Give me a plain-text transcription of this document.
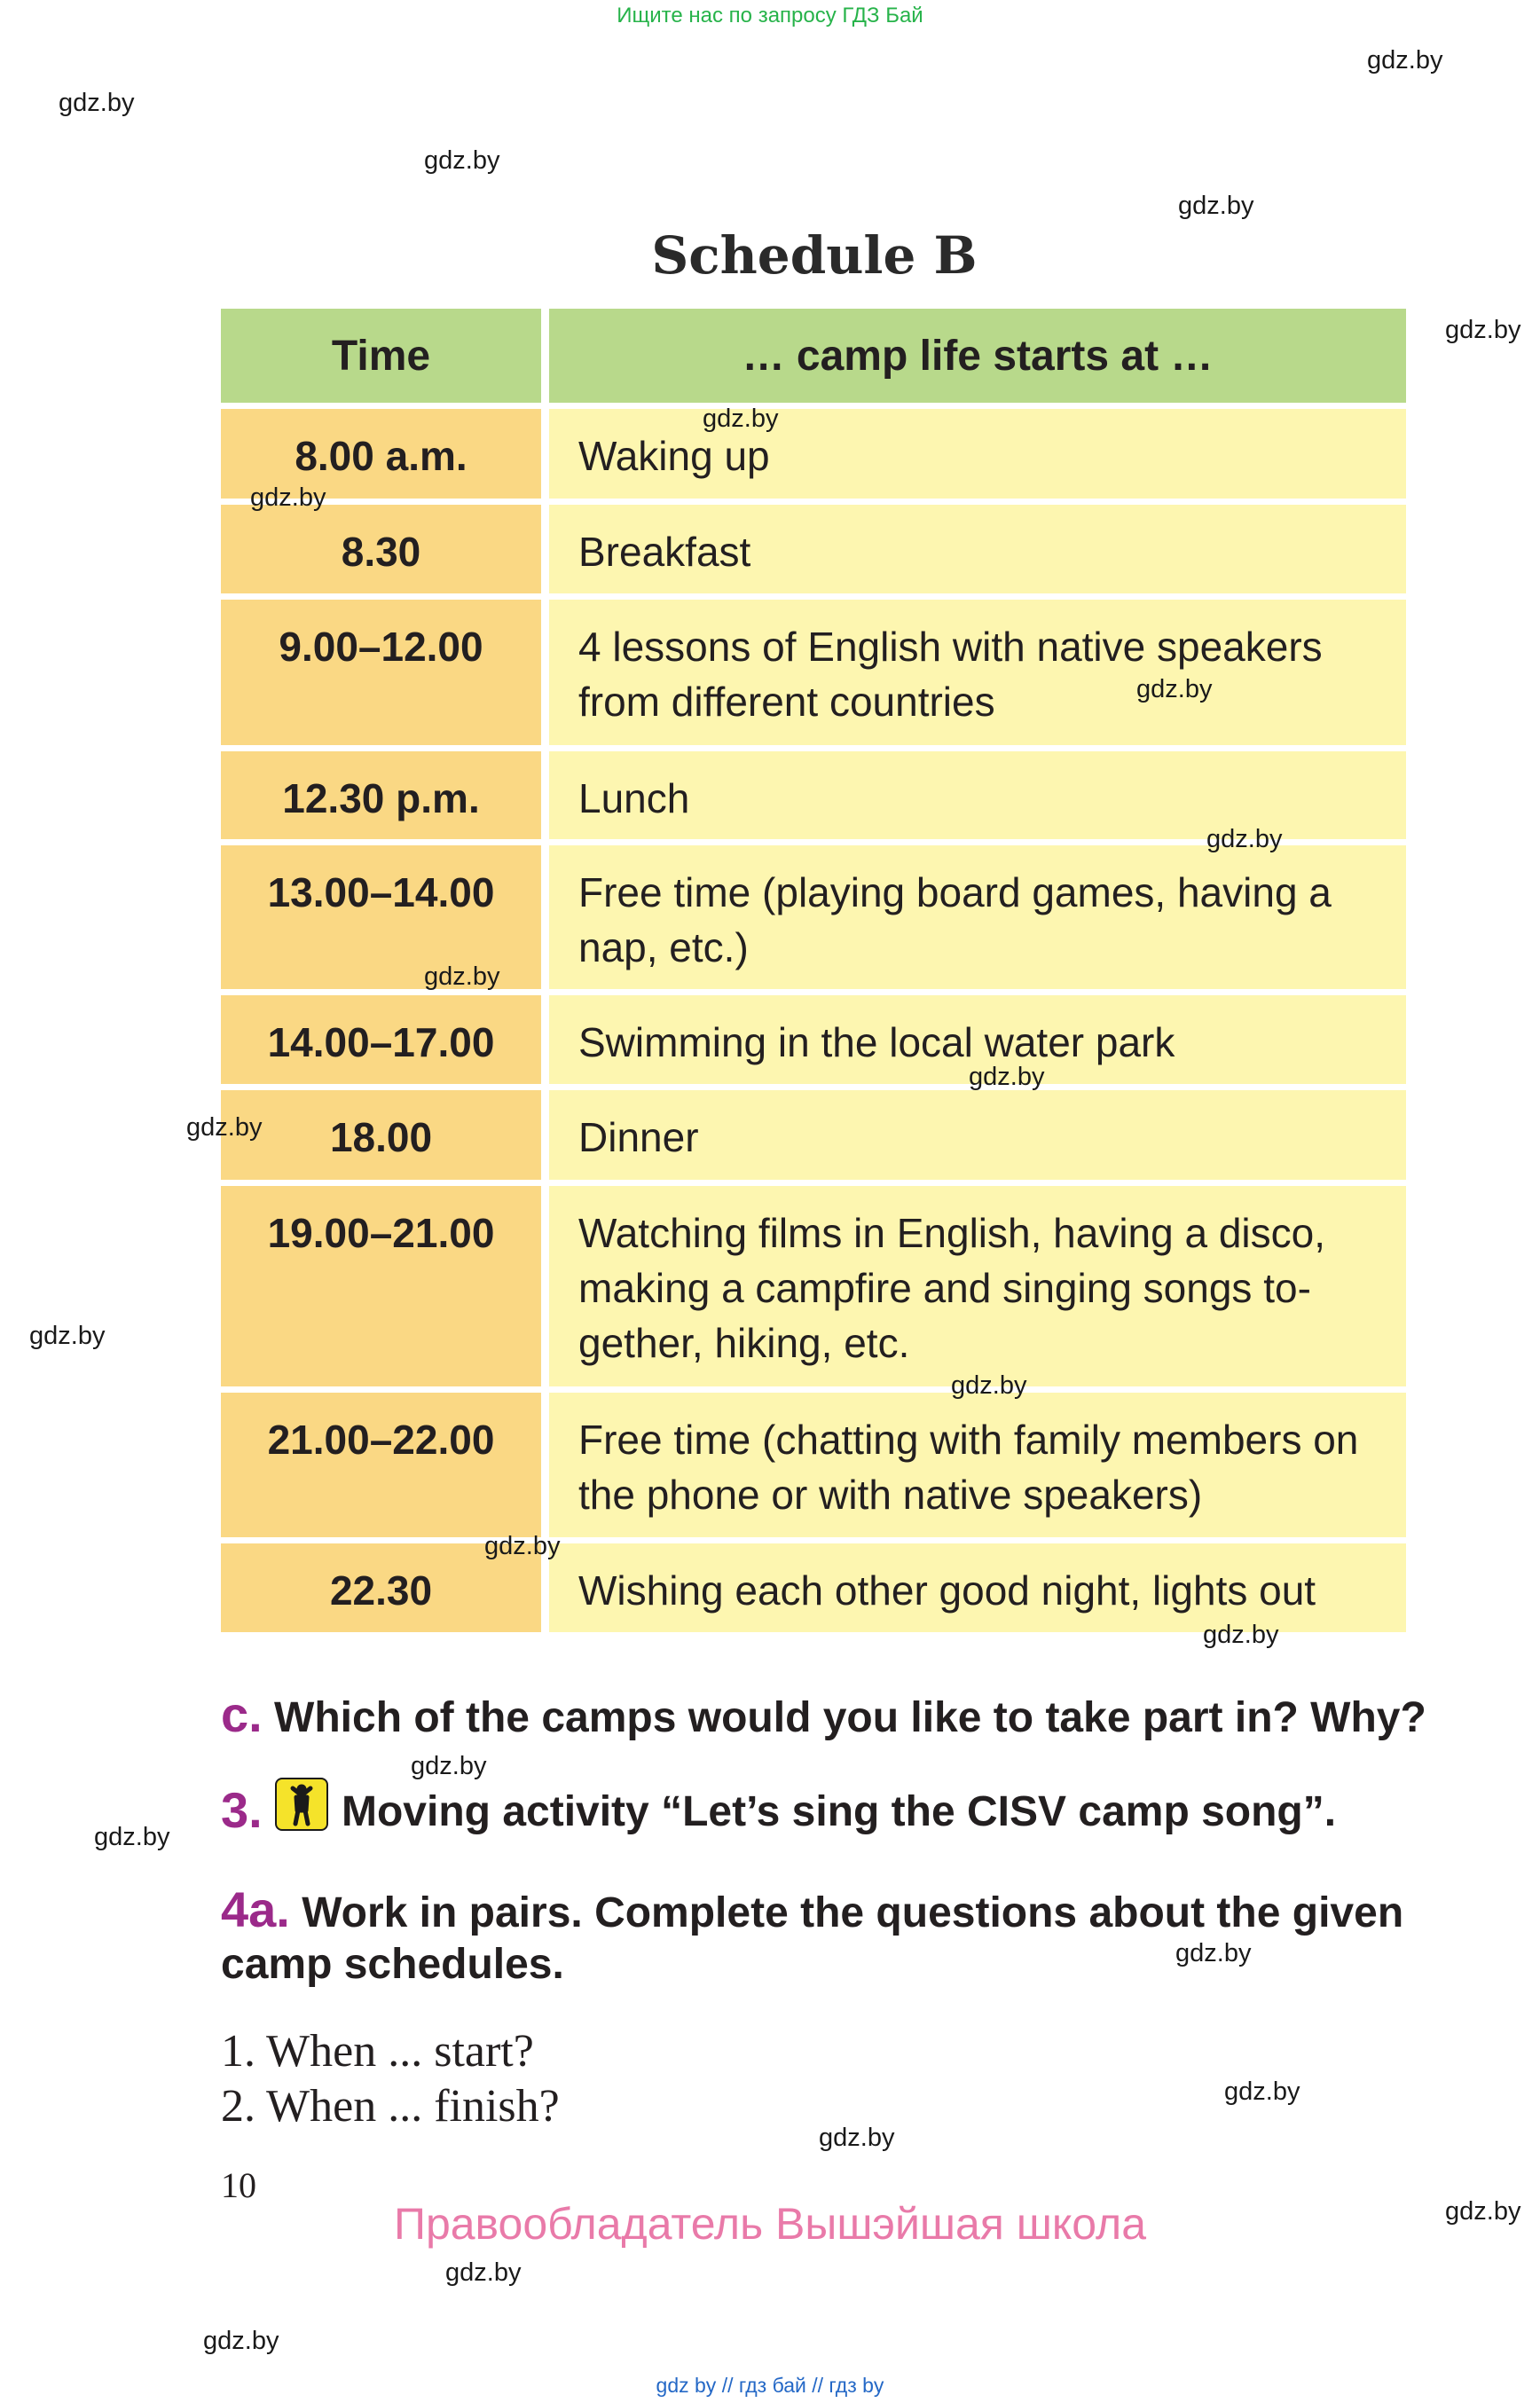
Ищите нас по запросу ГДЗ Бай
gdz.by
gdz.by
gdz.by
gdz.by
gdz.by
Schedule B
Time	… camp life starts at …
8.00 a.m.	Waking up
8.30	Breakfast
9.00–12.00	4 lessons of English with native speakers from different countries
12.30 p.m.	Lunch
13.00–14.00	Free time (playing board games, having a nap, etc.)
14.00–17.00	Swimming in the local water park
18.00	Dinner
19.00–21.00	Watching films in English, having a disco, making a campfire and singing songs to-gether, hiking, etc.
21.00–22.00	Free time (chatting with family members on the phone or with native speakers)
22.30	Wishing each other good night, lights out
gdz.by
gdz.by
gdz.by
gdz.by
gdz.by
gdz.by
gdz.by
gdz.by
gdz.by
gdz.by
gdz.by
c. Which of the camps would you like to take part in? Why?
gdz.by
3. Moving activity “Let’s sing the CISV camp song”.
gdz.by
4a. Work in pairs. Complete the questions about the given camp schedules.	gdz.by
1. When ... start?
2. When ... finish?	gdz.by
gdz.by
10
Правообладатель Вышэйшая школа	gdz.by
gdz.by
gdz.by
gdz by // гдз бай // гдз by
